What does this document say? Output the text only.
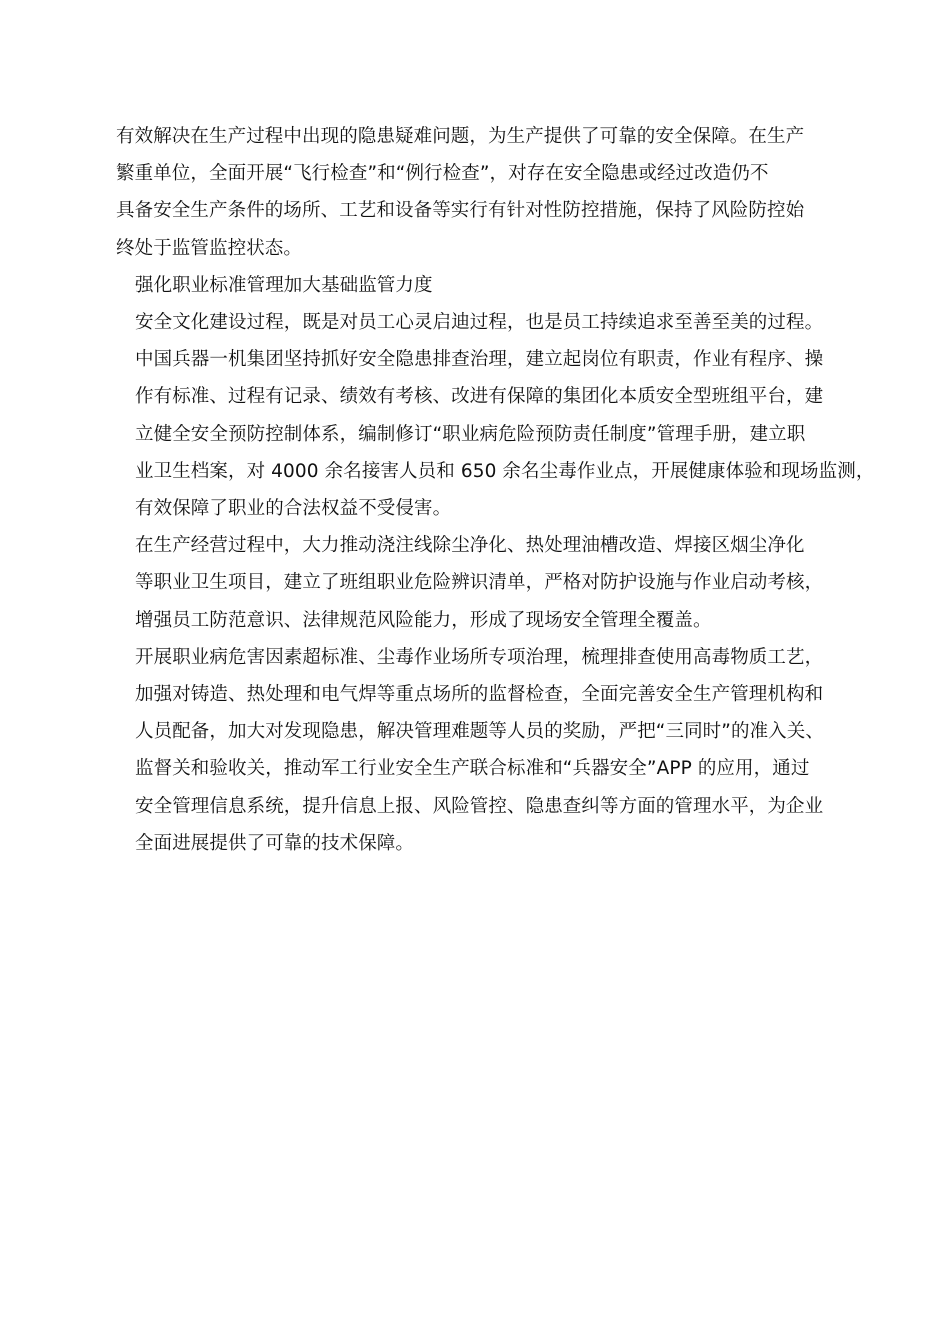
有效解决在生产过程中出现的隐患疑难问题，为生产提供了可靠的安全保障。在生产
繁重单位，全面开展“飞行检查”和“例行检查”，对存在安全隐患或经过改造仍不
具备安全生产条件的场所、工艺和设备等实行有针对性防控措施，保持了风险防控始
终处于监管监控状态。

强化职业标准管理加大基础监管力度

安全文化建设过程，既是对员工心灵启迪过程，也是员工持续追求至善至美的过程。
中国兵器一机集团坚持抓好安全隐患排查治理，建立起岗位有职责，作业有程序、操
作有标准、过程有记录、绩效有考核、改进有保障的集团化本质安全型班组平台，建
立健全安全预防控制体系，编制修订“职业病危险预防责任制度”管理手册，建立职
业卫生档案，对 4000 余名接害人员和 650 余名尘毒作业点，开展健康体验和现场监测，
有效保障了职业的合法权益不受侵害。

在生产经营过程中，大力推动浇注线除尘净化、热处理油槽改造、焊接区烟尘净化
等职业卫生项目，建立了班组职业危险辨识清单，严格对防护设施与作业启动考核，
增强员工防范意识、法律规范风险能力，形成了现场安全管理全覆盖。

开展职业病危害因素超标准、尘毒作业场所专项治理，梳理排查使用高毒物质工艺，
加强对铸造、热处理和电气焊等重点场所的监督检查，全面完善安全生产管理机构和
人员配备，加大对发现隐患，解决管理难题等人员的奖励，严把“三同时”的准入关、
监督关和验收关，推动军工行业安全生产联合标准和“兵器安全”APP 的应用，通过
安全管理信息系统，提升信息上报、风险管控、隐患查纠等方面的管理水平，为企业
全面进展提供了可靠的技术保障。
